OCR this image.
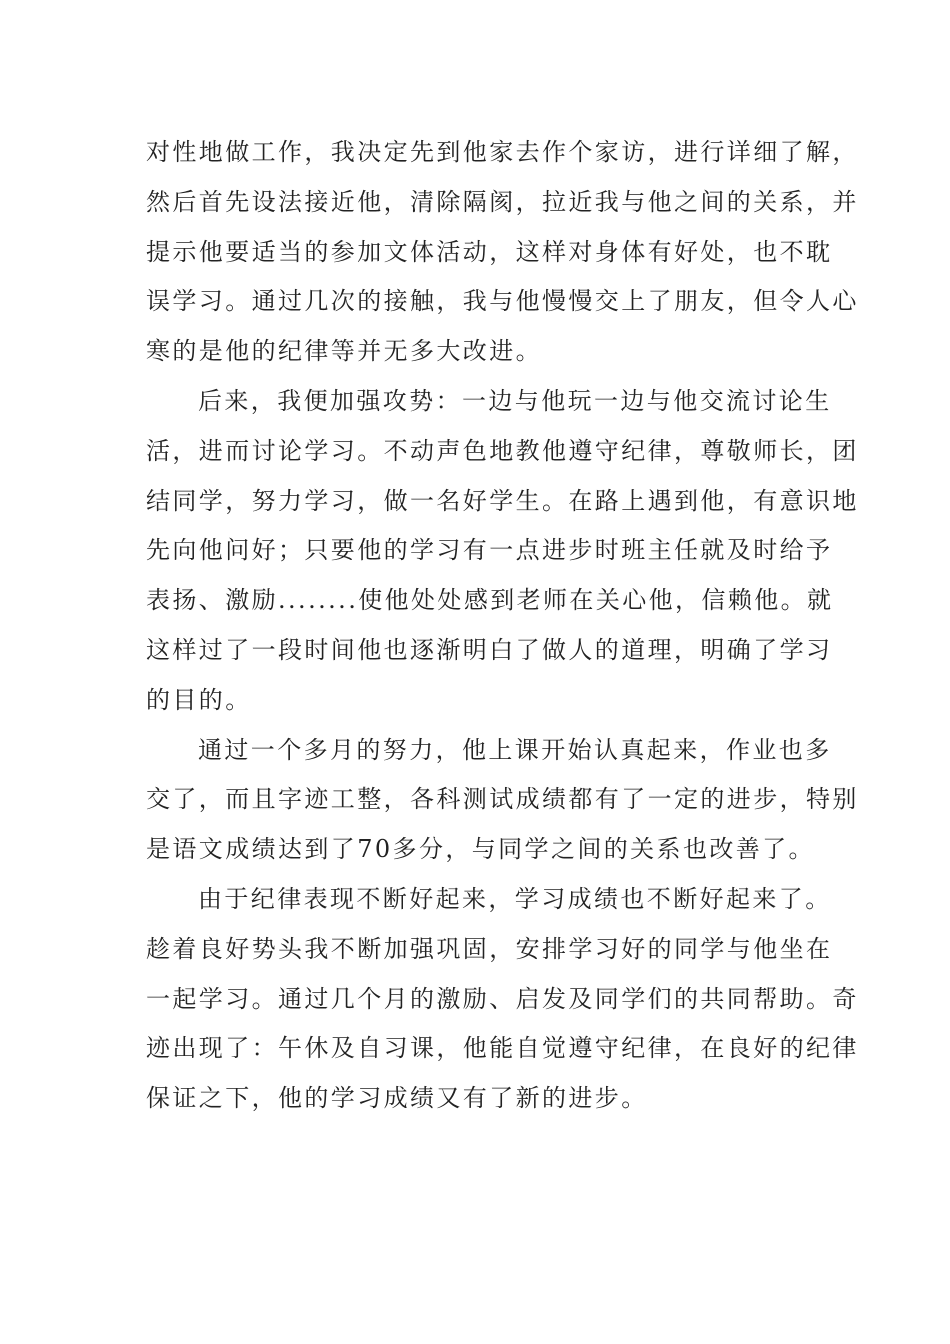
对性地做工作，我决定先到他家去作个家访，进行详细了解，
然后首先设法接近他，清除隔阂，拉近我与他之间的关系，并
提示他要适当的参加文体活动，这样对身体有好处，也不耽
误学习。通过几次的接触，我与他慢慢交上了朋友，但令人心
寒的是他的纪律等并无多大改进。
后来，我便加强攻势：一边与他玩一边与他交流讨论生
活，进而讨论学习。不动声色地教他遵守纪律，尊敬师长，团
结同学，努力学习，做一名好学生。在路上遇到他，有意识地
先向他问好；只要他的学习有一点进步时班主任就及时给予
表扬、激励........使他处处感到老师在关心他，信赖他。就
这样过了一段时间他也逐渐明白了做人的道理，明确了学习
的目的。
通过一个多月的努力，他上课开始认真起来，作业也多
交了，而且字迹工整，各科测试成绩都有了一定的进步，特别
是语文成绩达到了70多分，与同学之间的关系也改善了。
由于纪律表现不断好起来，学习成绩也不断好起来了。
趁着良好势头我不断加强巩固，安排学习好的同学与他坐在
一起学习。通过几个月的激励、启发及同学们的共同帮助。奇
迹出现了：午休及自习课，他能自觉遵守纪律，在良好的纪律
保证之下，他的学习成绩又有了新的进步。
